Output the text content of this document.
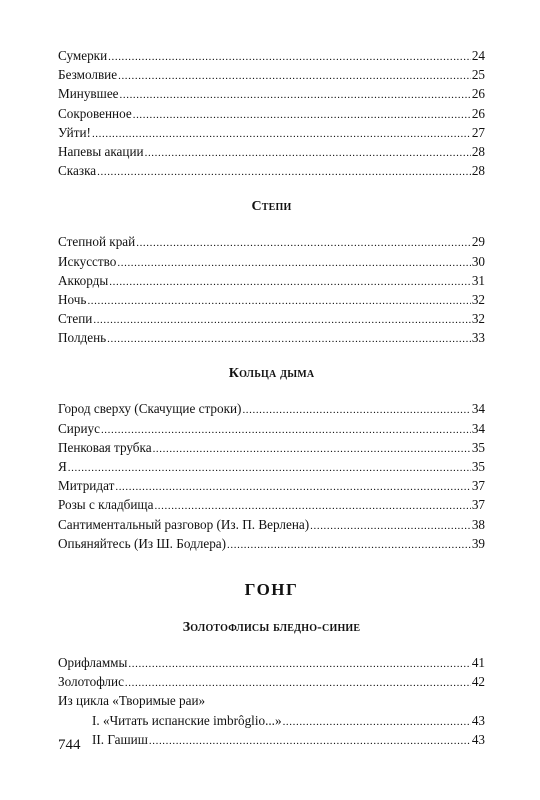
Сумерки .....	24
Безмолвие .....	25
Минувшее .....	26
Сокровенное .....	26
Уйти! .....	27
Напевы акации .....	28
Сказка .....	28
Степи
Степной край .....	29
Искусство .....	30
Аккорды .....	31
Ночь .....	32
Степи .....	32
Полдень .....	33
Кольца дыма
Город сверху (Скачущие строки) .....	34
Сириус .....	34
Пенковая трубка .....	35
Я .....	35
Митридат .....	37
Розы с кладбища .....	37
Сантиментальный разговор (Из. П. Верлена) .....	38
Опьяняйтесь (Из Ш. Бодлера) .....	39
ГОНГ
Золотофлисы бледно-синие
Орифламмы .....	41
Золотофлис .....	42
Из цикла «Творимые раи»
I. «Читать испанские imbrôglio...» .....	43
II. Гашиш .....	43
744
